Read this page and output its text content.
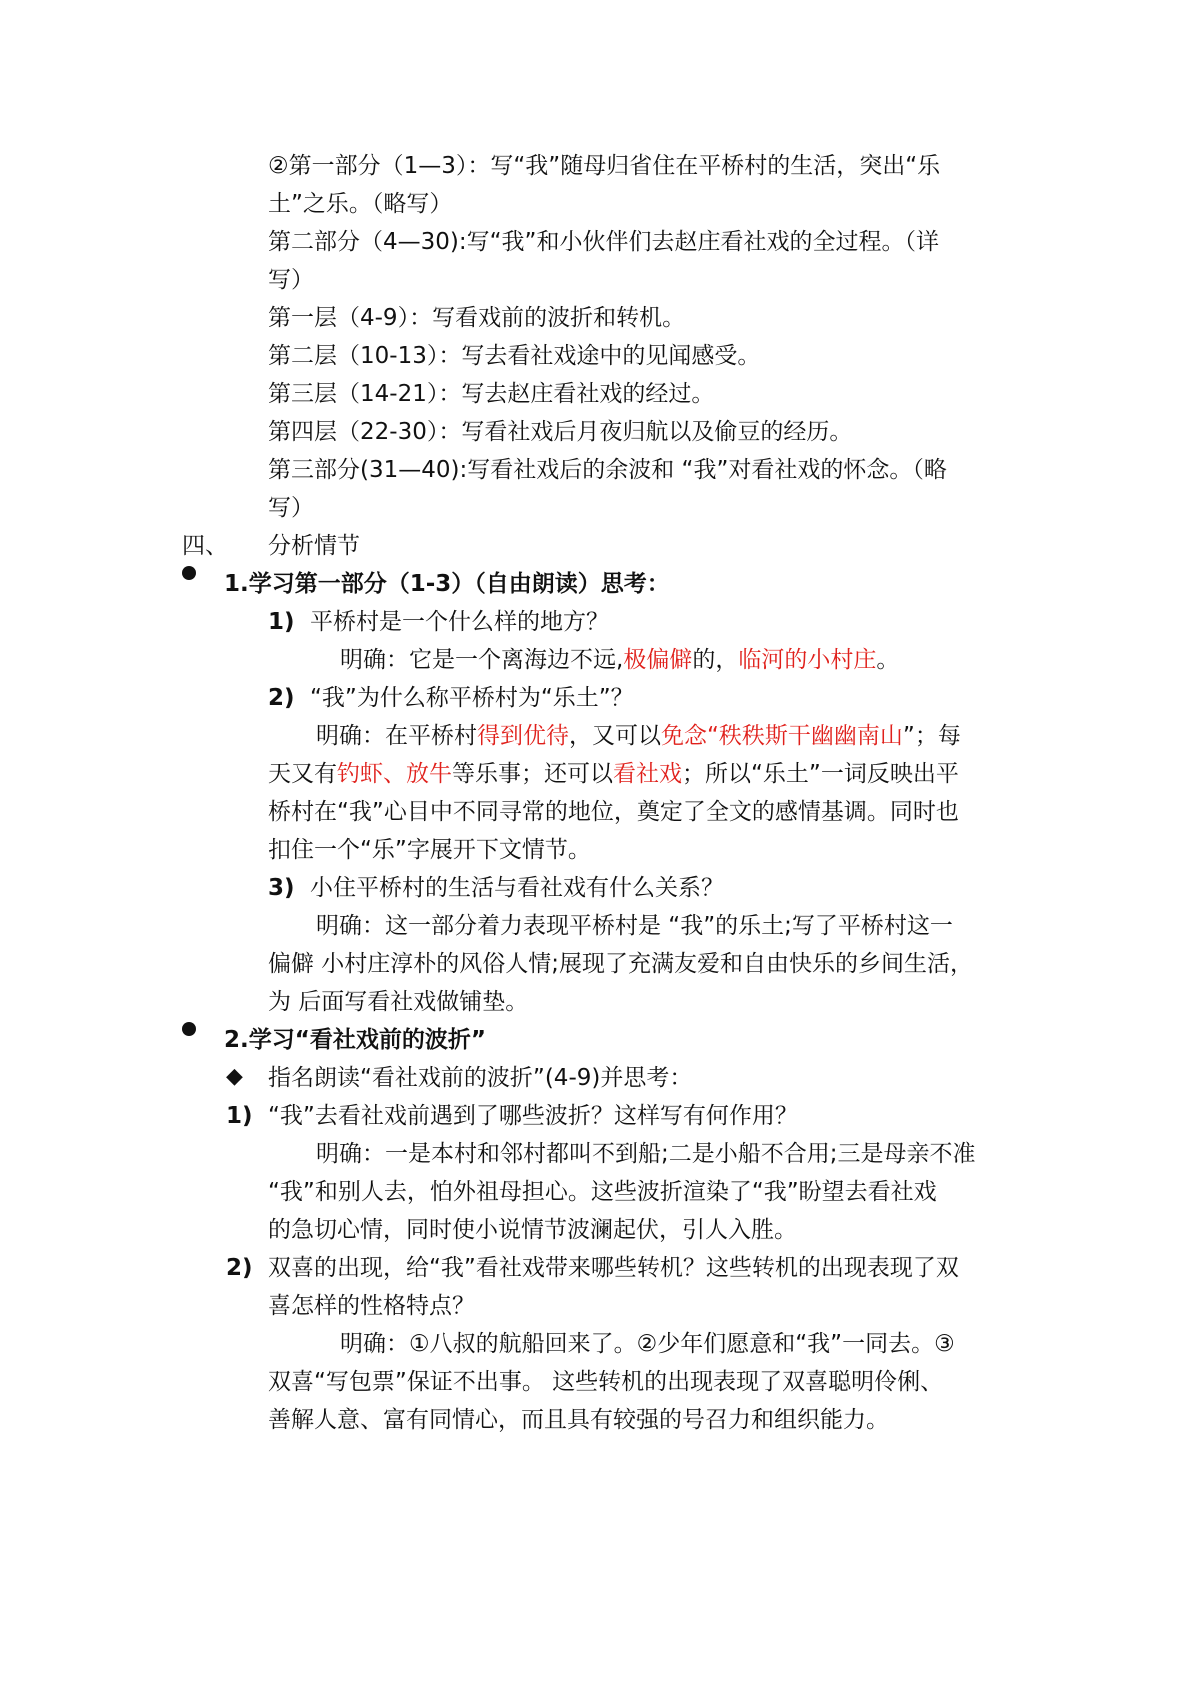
②第一部分（1—3）：写“我”随母归省住在平桥村的生活，突出“乐
土”之乐。（略写）
第二部分（4—30):写“我”和小伙伴们去赵庄看社戏的全过程。（详
写）
第一层（4-9）：写看戏前的波折和转机。
第二层（10-13）：写去看社戏途中的见闻感受。
第三层（14-21）：写去赵庄看社戏的经过。
第四层（22-30）：写看社戏后月夜归航以及偷豆的经历。
第三部分(31—40):写看社戏后的余波和 “我”对看社戏的怀念。（略
写）
四、	分析情节
1.学习第一部分（1-3）（自由朗读）思考：
1) 平桥村是一个什么样的地方？
明确：它是一个离海边不远,极偏僻的，临河的小村庄。
2) “我”为什么称平桥村为“乐土”？
明确：在平桥村得到优待，又可以免念“秩秩斯干幽幽南山”；每
天又有钓虾、放牛等乐事；还可以看社戏；所以“乐土”一词反映出平
桥村在“我”心目中不同寻常的地位，奠定了全文的感情基调。同时也
扣住一个“乐”字展开下文情节。
3) 小住平桥村的生活与看社戏有什么关系？
明确：这一部分着力表现平桥村是 “我”的乐土;写了平桥村这一
偏僻 小村庄淳朴的风俗人情;展现了充满友爱和自由快乐的乡间生活，
为 后面写看社戏做铺垫。
2.学习“看社戏前的波折”
◆ 指名朗读“看社戏前的波折”(4-9)并思考：
1) “我”去看社戏前遇到了哪些波折？这样写有何作用？
明确：一是本村和邻村都叫不到船;二是小船不合用;三是母亲不准
“我”和别人去，怕外祖母担心。这些波折渲染了“我”盼望去看社戏
的急切心情，同时使小说情节波澜起伏，引人入胜。
2) 双喜的出现，给“我”看社戏带来哪些转机？这些转机的出现表现了双
喜怎样的性格特点？
明确：①八叔的航船回来了。②少年们愿意和“我”一同去。③
双喜“写包票”保证不出事。 这些转机的出现表现了双喜聪明伶俐、
善解人意、富有同情心，而且具有较强的号召力和组织能力。
